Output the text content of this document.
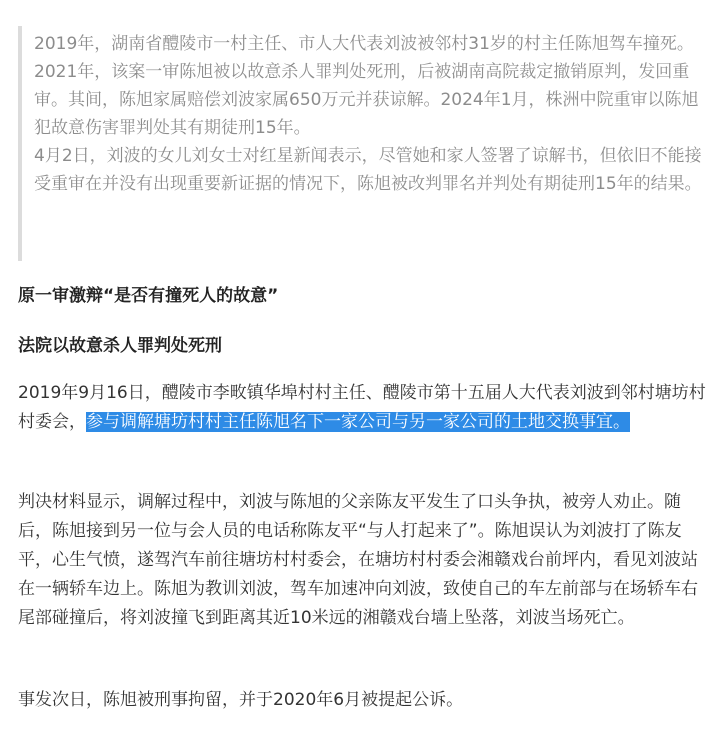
2019年，湖南省醴陵市一村主任、市人大代表刘波被邻村31岁的村主任陈旭驾车撞死。

2021年，该案一审陈旭被以故意杀人罪判处死刑，后被湖南高院裁定撤销原判，发回重审。其间，陈旭家属赔偿刘波家属650万元并获谅解。2024年1月，株洲中院重审以陈旭犯故意伤害罪判处其有期徒刑15年。

4月2日，刘波的女儿刘女士对红星新闻表示，尽管她和家人签署了谅解书，但依旧不能接受重审在并没有出现重要新证据的情况下，陈旭被改判罪名并判处有期徒刑15年的结果。

原一审激辩“是否有撞死人的故意”
法院以故意杀人罪判处死刑

2019年9月16日，醴陵市李畋镇华埠村村主任、醴陵市第十五届人大代表刘波到邻村塘坊村村委会，参与调解塘坊村村主任陈旭名下一家公司与另一家公司的土地交换事宜。

判决材料显示，调解过程中，刘波与陈旭的父亲陈友平发生了口头争执，被旁人劝止。随后，陈旭接到另一位与会人员的电话称陈友平“与人打起来了”。陈旭误认为刘波打了陈友平，心生气愤，遂驾汽车前往塘坊村村委会，在塘坊村村委会湘赣戏台前坪内，看见刘波站在一辆轿车边上。陈旭为教训刘波，驾车加速冲向刘波，致使自己的车左前部与在场轿车右尾部碰撞后，将刘波撞飞到距离其近10米远的湘赣戏台墙上坠落，刘波当场死亡。

事发次日，陈旭被刑事拘留，并于2020年6月被提起公诉。
